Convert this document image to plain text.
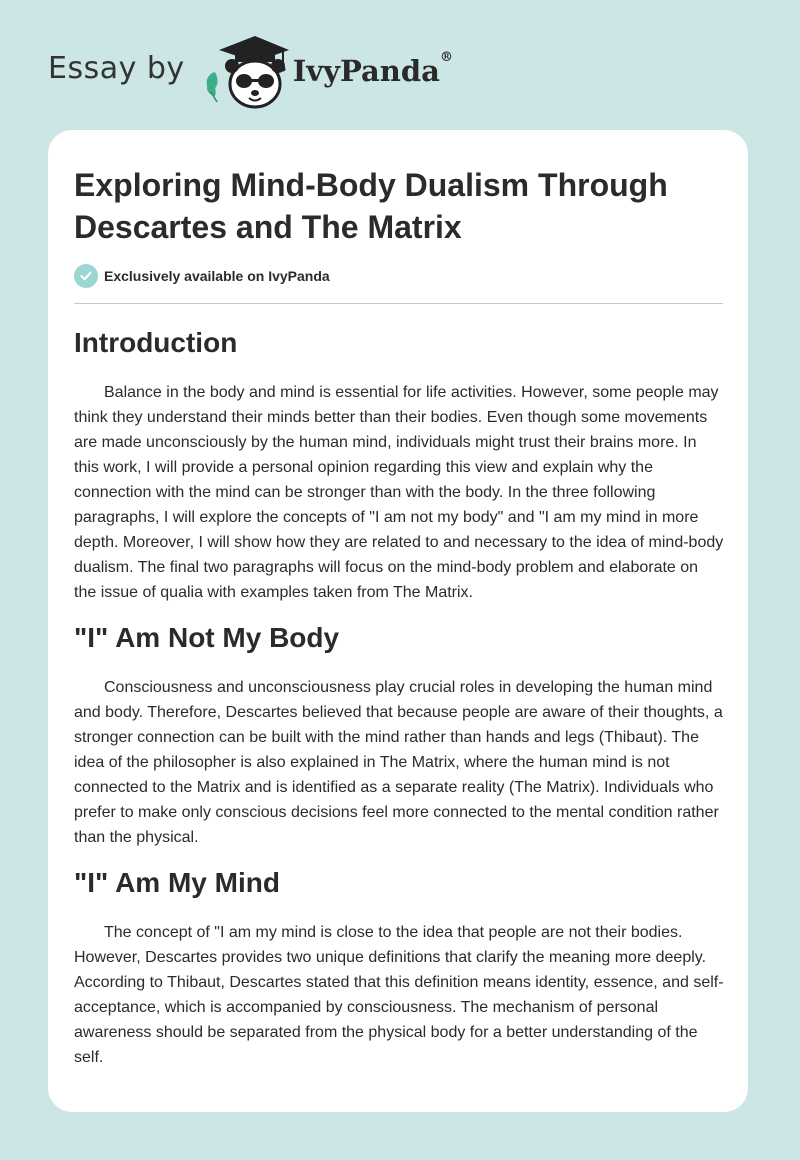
Essay by	IvyPanda®
Exploring Mind-Body Dualism Through Descartes and The Matrix
Exclusively available on IvyPanda
Introduction

Balance in the body and mind is essential for life activities. However, some people may think they understand their minds better than their bodies. Even though some movements are made unconsciously by the human mind, individuals might trust their brains more. In this work, I will provide a personal opinion regarding this view and explain why the connection with the mind can be stronger than with the body. In the three following paragraphs, I will explore the concepts of "I am not my body" and "I am my mind in more depth. Moreover, I will show how they are related to and necessary to the idea of mind-body dualism. The final two paragraphs will focus on the mind-body problem and elaborate on the issue of qualia with examples taken from The Matrix.

"I" Am Not My Body

Consciousness and unconsciousness play crucial roles in developing the human mind and body. Therefore, Descartes believed that because people are aware of their thoughts, a stronger connection can be built with the mind rather than hands and legs (Thibaut). The idea of the philosopher is also explained in The Matrix, where the human mind is not connected to the Matrix and is identified as a separate reality (The Matrix). Individuals who prefer to make only conscious decisions feel more connected to the mental condition rather than the physical.

"I" Am My Mind

The concept of "I am my mind is close to the idea that people are not their bodies. However, Descartes provides two unique definitions that clarify the meaning more deeply. According to Thibaut, Descartes stated that this definition means identity, essence, and self-acceptance, which is accompanied by consciousness. The mechanism of personal awareness should be separated from the physical body for a better understanding of the self.
